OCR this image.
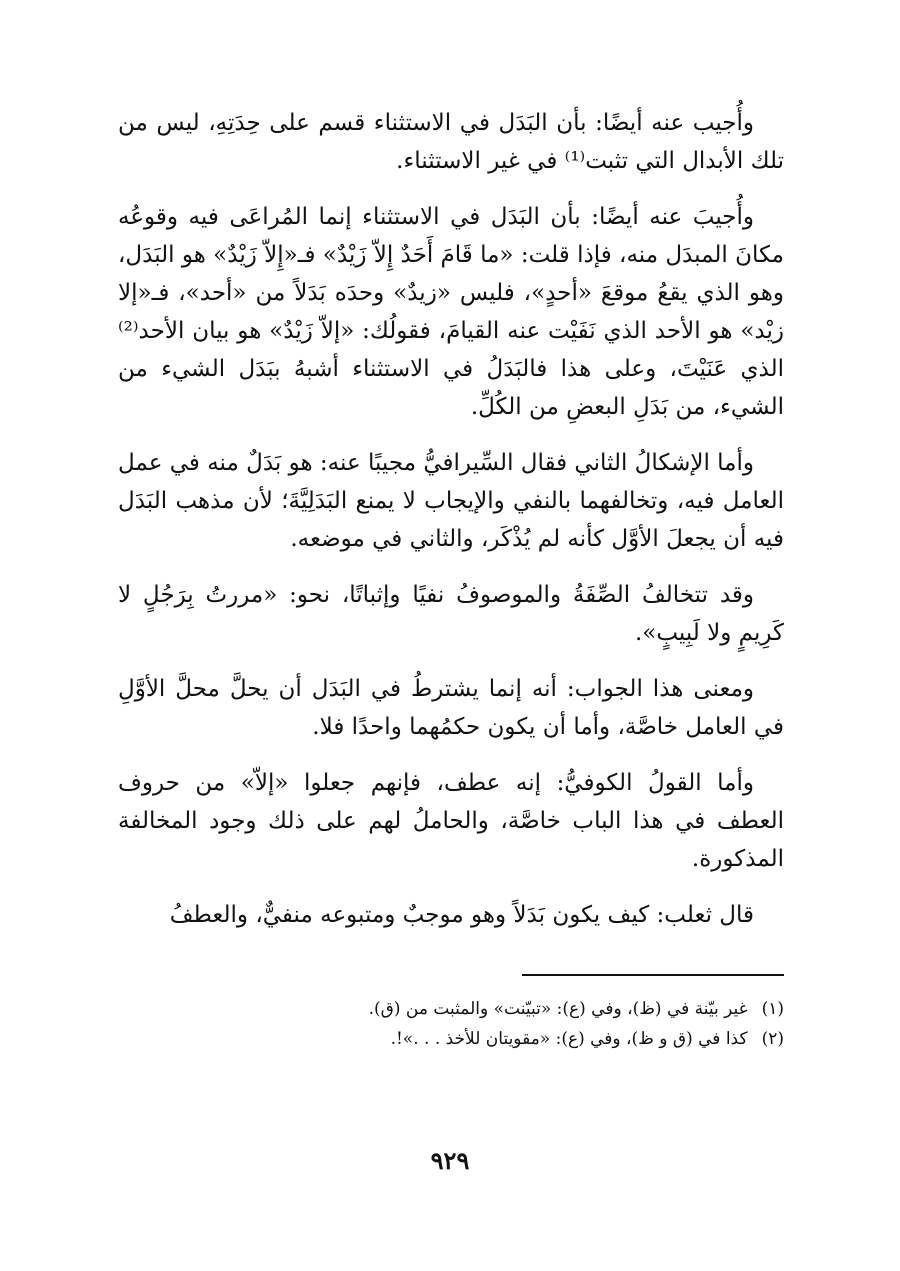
وأُجيب عنه أيضًا: بأن البَدَل في الاستثناء قسم على حِدَتِهِ، ليس من تلك الأبدال التي تثبت⁽¹⁾ في غير الاستثناء.

وأُجيبَ عنه أيضًا: بأن البَدَل في الاستثناء إنما المُراعَى فيه وقوعُه مكانَ المبدَل منه، فإذا قلت: «ما قَامَ أَحَدٌ إِلاّ زَيْدٌ» فـ«إِلاّ زَيْدٌ» هو البَدَل، وهو الذي يقعُ موقعَ «أحدٍ»، فليس «زيدٌ» وحدَه بَدَلاً من «أحد»، فـ«إلا زيْد» هو الأحد الذي نَفَيْت عنه القيامَ، فقولُك: «إلاّ زَيْدٌ» هو بيان الأحد⁽²⁾ الذي عَنَيْتَ، وعلى هذا فالبَدَلُ في الاستثناء أشبهُ ببَدَل الشيء من الشيء، من بَدَلِ البعضِ من الكُلِّ.

وأما الإشكالُ الثاني فقال السِّيرافيُّ مجيبًا عنه: هو بَدَلٌ منه في عمل العامل فيه، وتخالفهما بالنفي والإيجاب لا يمنع البَدَلِيَّةَ؛ لأن مذهب البَدَل فيه أن يجعلَ الأوَّل كأنه لم يُذْكَر، والثاني في موضعه.

وقد تتخالفُ الصِّفَةُ والموصوفُ نفيًا وإثباتًا، نحو: «مررتُ بِرَجُلٍ لا كَرِيمٍ ولا لَبِيبٍ».

ومعنى هذا الجواب: أنه إنما يشترطُ في البَدَل أن يحلَّ محلَّ الأوَّلِ في العامل خاصَّة، وأما أن يكون حكمُهما واحدًا فلا.

وأما القولُ الكوفيُّ: إنه عطف، فإنهم جعلوا «إلاّ» من حروف العطف في هذا الباب خاصَّة، والحاملُ لهم على ذلك وجود المخالفة المذكورة.

قال ثعلب: كيف يكون بَدَلاً وهو موجبٌ ومتبوعه منفيٌّ، والعطفُ

(١)
غير بيّنة في (ظ)، وفي (ع): «تبيّنت» والمثبت من (ق).
(٢)
كذا في (ق و ظ)، وفي (ع): «مقويتان للأخذ . . .»!.
٩٢٩
